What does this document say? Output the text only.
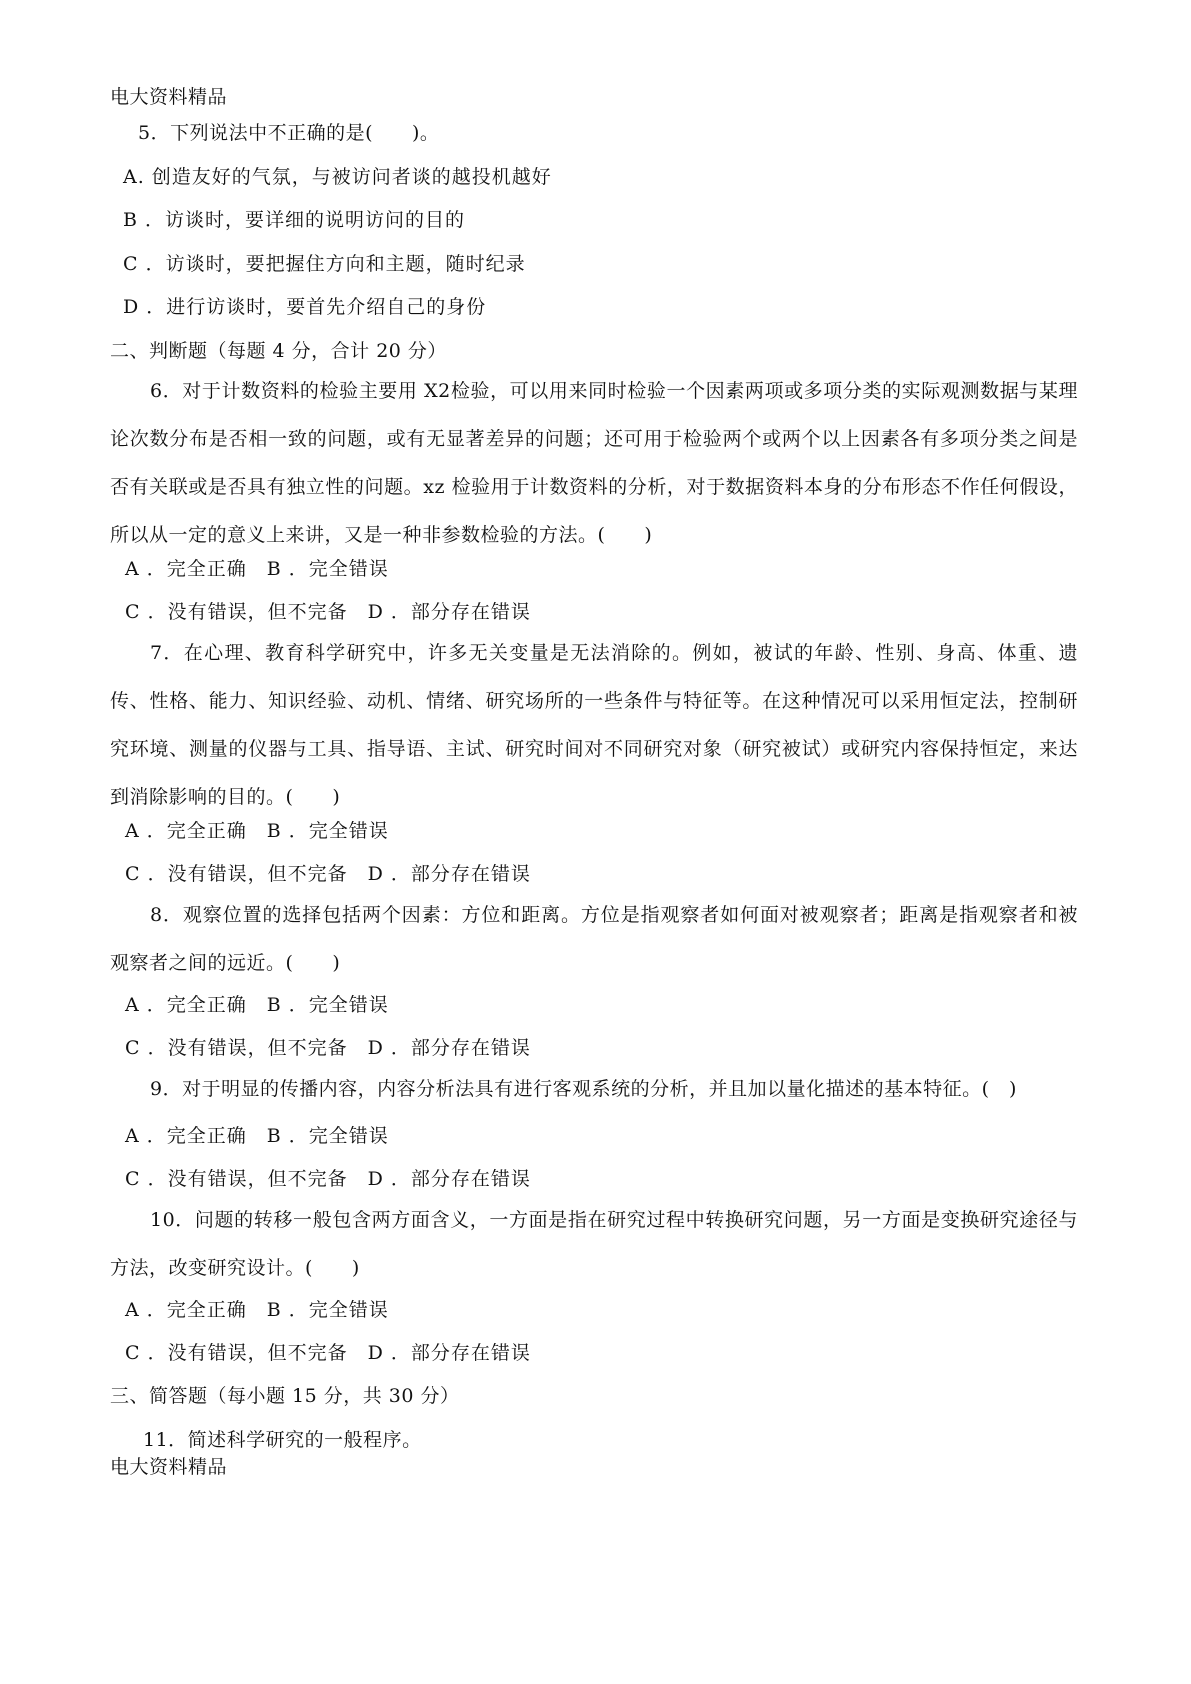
电大资料精品
5．下列说法中不正确的是(　　)。
A. 创造友好的气氛，与被访问者谈的越投机越好
B ．访谈时，要详细的说明访问的目的
C ．访谈时，要把握住方向和主题，随时纪录
D ．进行访谈时，要首先介绍自己的身份
二、判断题（每题 4 分，合计 20 分）
6．对于计数资料的检验主要用 X2检验，可以用来同时检验一个因素两项或多项分类的实际观测数据与某理论次数分布是否相一致的问题，或有无显著差异的问题；还可用于检验两个或两个以上因素各有多项分类之间是否有关联或是否具有独立性的问题。xz 检验用于计数资料的分析，对于数据资料本身的分布形态不作任何假设，所以从一定的意义上来讲，又是一种非参数检验的方法。(　　)
A ．完全正确　B ．完全错误
C ．没有错误，但不完备　D ．部分存在错误
7．在心理、教育科学研究中，许多无关变量是无法消除的。例如，被试的年龄、性别、身高、体重、遗传、性格、能力、知识经验、动机、情绪、研究场所的一些条件与特征等。在这种情况可以采用恒定法，控制研究环境、测量的仪器与工具、指导语、主试、研究时间对不同研究对象（研究被试）或研究内容保持恒定，来达到消除影响的目的。(　　)
A ．完全正确　B ．完全错误
C ．没有错误，但不完备　D ．部分存在错误
8．观察位置的选择包括两个因素：方位和距离。方位是指观察者如何面对被观察者；距离是指观察者和被观察者之间的远近。(　　)
A ．完全正确　B ．完全错误
C ．没有错误，但不完备　D ．部分存在错误
9．对于明显的传播内容，内容分析法具有进行客观系统的分析，并且加以量化描述的基本特征。(　)
A ．完全正确　B ．完全错误
C ．没有错误，但不完备　D ．部分存在错误
10．问题的转移一般包含两方面含义，一方面是指在研究过程中转换研究问题，另一方面是变换研究途径与方法，改变研究设计。(　　)
A ．完全正确　B ．完全错误
C ．没有错误，但不完备　D ．部分存在错误
三、简答题（每小题 15 分，共 30 分）
11．简述科学研究的一般程序。
电大资料精品
